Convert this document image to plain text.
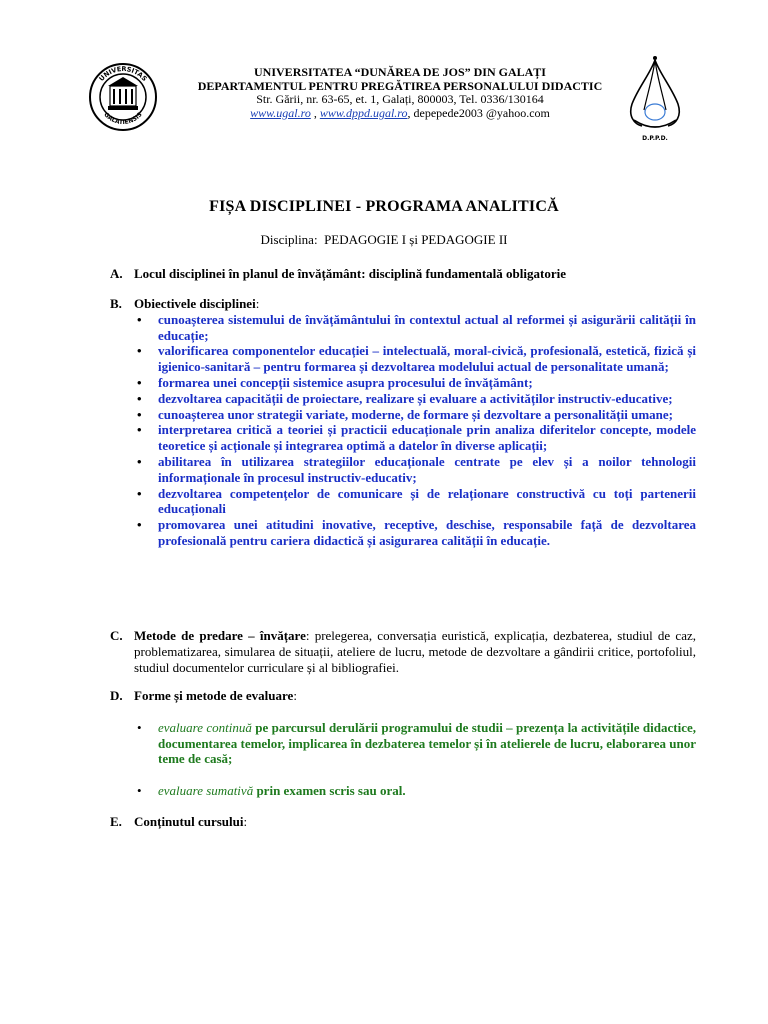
UNIVERSITAS
GALATIENSIS
UNIVERSITATEA “DUNĂREA DE JOS” DIN GALAȚI
DEPARTAMENTUL PENTRU PREGĂTIREA PERSONALULUI DIDACTIC
Str. Gării, nr. 63-65, et. 1, Galați, 800003, Tel. 0336/130164
www.ugal.ro , www.dppd.ugal.ro, depepede2003 @yahoo.com
D.P.P.D.
FIȘA DISCIPLINEI - PROGRAMA ANALITICĂ
Disciplina: PEDAGOGIE I și PEDAGOGIE II
A. Locul disciplinei în planul de învățământ: disciplină fundamentală obligatorie
B. Obiectivele disciplinei:
• cunoașterea sistemului de învățământului în contextul actual al reformei și asigurării calității în educație;
• valorificarea componentelor educației – intelectuală, moral-civică, profesională, estetică, fizică și igienico-sanitară – pentru formarea și dezvoltarea modelului actual de personalitate umană;
• formarea unei concepții sistemice asupra procesului de învățământ;
• dezvoltarea capacității de proiectare, realizare și evaluare a activităților instructiv-educative;
• cunoașterea unor strategii variate, moderne, de formare și dezvoltare a personalității umane;
• interpretarea critică a teoriei și practicii educaționale prin analiza diferitelor concepte, modele teoretice și acționale și integrarea optimă a datelor în diverse aplicații;
• abilitarea în utilizarea strategiilor educaționale centrate pe elev și a noilor tehnologii informaționale în procesul instructiv-educativ;
• dezvoltarea competențelor de comunicare și de relaționare constructivă cu toți partenerii educaționali
• promovarea unei atitudini inovative, receptive, deschise, responsabile față de dezvoltarea profesională pentru cariera didactică și asigurarea calității în educație.
C. Metode de predare – învățare: prelegerea, conversația euristică, explicația, dezbaterea, studiul de caz, problematizarea, simularea de situații, ateliere de lucru, metode de dezvoltare a gândirii critice, portofoliul, studiul documentelor curriculare și al bibliografiei.
D. Forme și metode de evaluare:
• evaluare continuă pe parcursul derulării programului de studii – prezența la activitățile didactice, documentarea temelor, implicarea în dezbaterea temelor și în atelierele de lucru, elaborarea unor teme de casă;
• evaluare sumativă prin examen scris sau oral.
E. Conținutul cursului:
